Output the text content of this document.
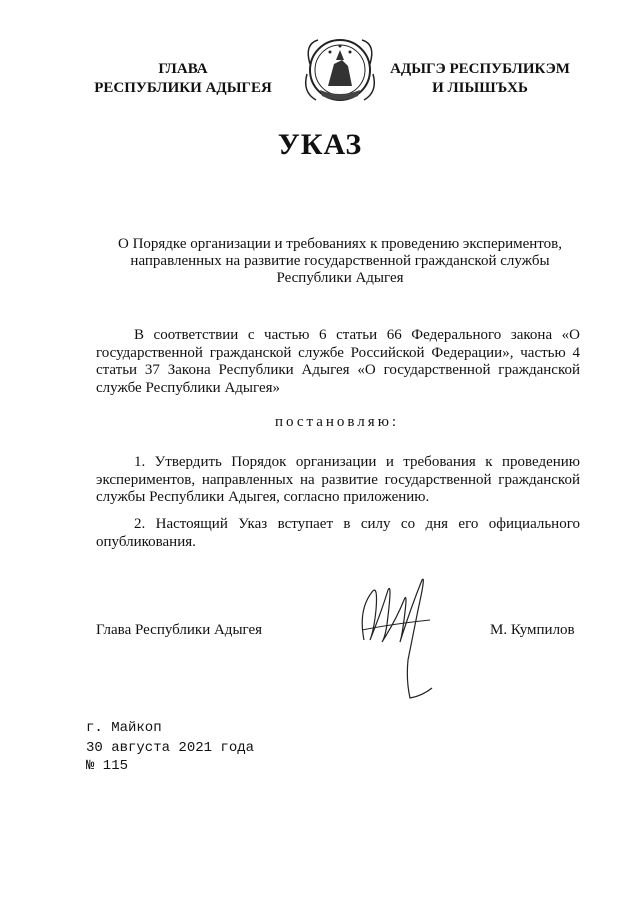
ГЛАВА
РЕСПУБЛИКИ АДЫГЕЯ
АДЫГЭ РЕСПУБЛИКЭМ
И ЛІЫШЪХЬ
УКАЗ
О Порядке организации и требованиях к проведению экспериментов,
направленных на развитие государственной гражданской службы
Республики Адыгея
В соответствии с частью 6 статьи 66 Федерального закона «О государственной гражданской службе Российской Федерации», частью 4 статьи 37 Закона Республики Адыгея «О государственной гражданской службе Республики Адыгея»
постановляю:
1. Утвердить Порядок организации и требования к проведению экспериментов, направленных на развитие государственной гражданской службы Республики Адыгея, согласно приложению.
2. Настоящий Указ вступает в силу со дня его официального опубликования.
Глава Республики Адыгея	М. Кумпилов
г. Майкоп
30 августа 2021 года
№ 115
